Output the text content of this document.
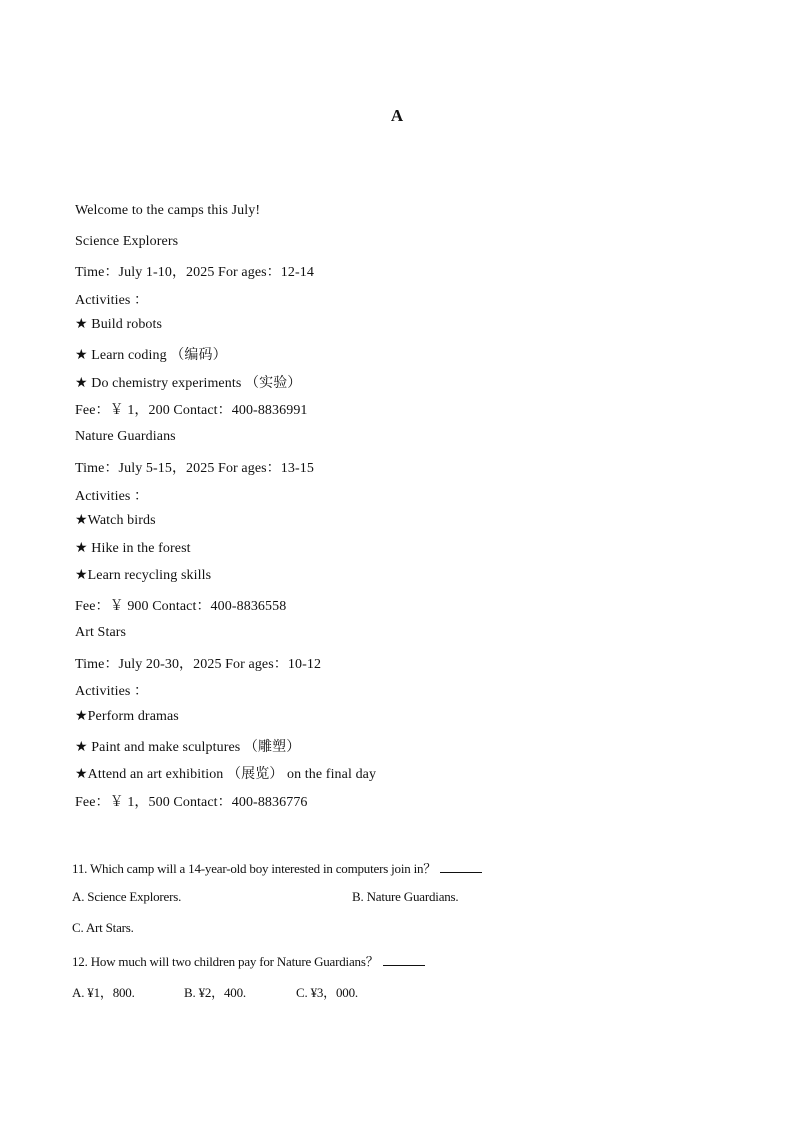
A
Welcome to the camps this July!
Science Explorers
Time：July 1-10，2025 For ages：12-14
Activities ：
★ Build robots
★ Learn coding （编码）
★ Do chemistry experiments （实验）
Fee：￥ 1，200 Contact：400-8836991
Nature Guardians
Time：July 5-15，2025 For ages：13-15
Activities ：
★Watch birds
★ Hike in the forest
★Learn recycling skills
Fee：￥ 900 Contact：400-8836558
Art Stars
Time：July 20-30，2025 For ages：10-12
Activities ：
★Perform dramas
★ Paint and make sculptures （雕塑）
★Attend an art exhibition （展览） on the final day
Fee：￥ 1，500 Contact：400-8836776
11. Which camp will a 14-year-old boy interested in computers join in？
A. Science Explorers.	B. Nature Guardians.
C. Art Stars.
12. How much will two children pay for Nature Guardians？
A. ¥1，800.	B. ¥2，400.	C. ¥3，000.
